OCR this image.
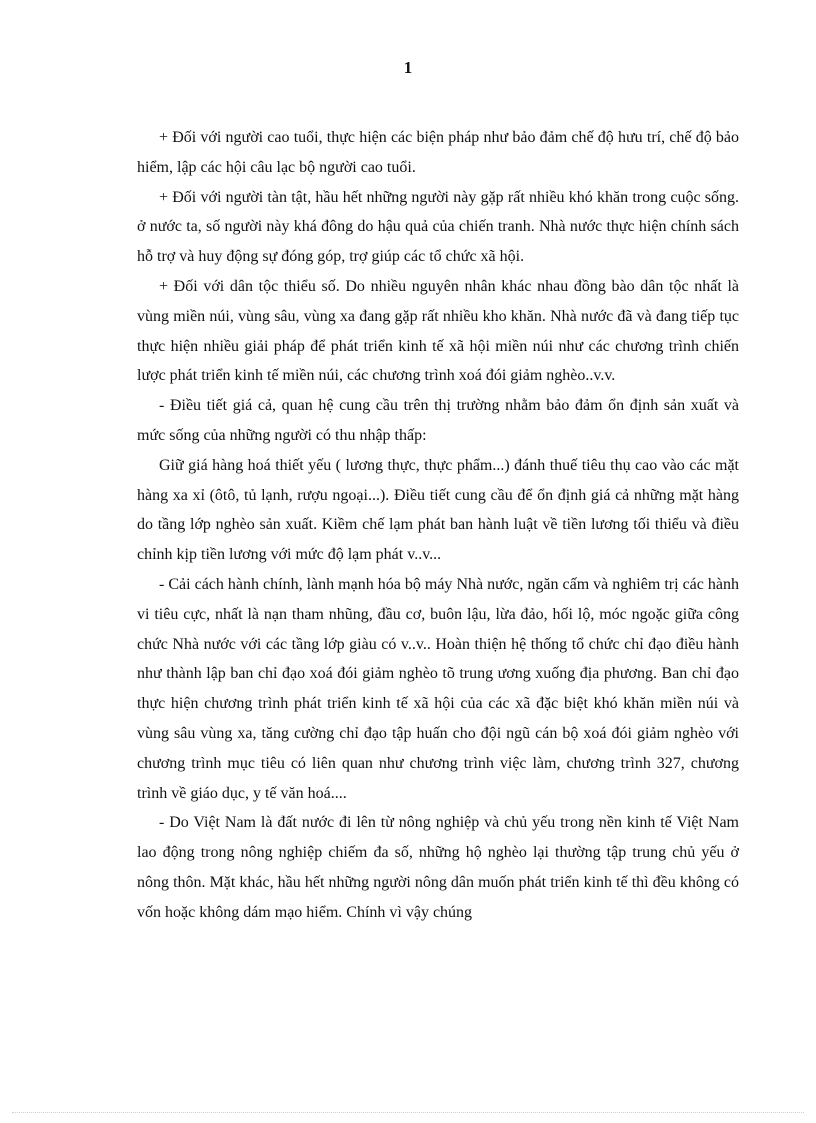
1

+ Đối với người cao tuổi, thực hiện các biện pháp như bảo đảm chế độ hưu trí, chế độ bảo hiểm, lập các hội câu lạc bộ người cao tuổi.

+ Đối với người tàn tật, hầu hết những người này gặp rất nhiều khó khăn trong cuộc sống. ở nước ta, số người này khá đông do hậu quả của chiến tranh. Nhà nước thực hiện chính sách hỗ trợ và huy động sự đóng góp, trợ giúp các tổ chức xã hội.

+ Đối với dân tộc thiểu số. Do nhiều nguyên nhân khác nhau đồng bào dân tộc nhất là vùng miền núi, vùng sâu, vùng xa đang gặp rất nhiều kho khăn. Nhà nước đã và đang tiếp tục thực hiện nhiều giải pháp để phát triển kinh tế xã hội miền núi như các chương trình chiến lược phát triển kinh tế miền núi, các chương trình xoá đói giảm nghèo..v.v.

- Điều tiết giá cả, quan hệ cung cầu trên thị trường nhằm bảo đảm ổn định sản xuất và mức sống của những người có thu nhập thấp:

Giữ giá hàng hoá thiết yếu ( lương thực, thực phẩm...) đánh thuế tiêu thụ cao vào các mặt hàng xa xỉ (ôtô, tủ lạnh, rượu ngoại...). Điều tiết cung cầu để ổn định giá cả những mặt hàng do tầng lớp nghèo sản xuất. Kiềm chế lạm phát ban hành luật về tiền lương tối thiểu và điều chỉnh kịp tiền lương với mức độ lạm phát v..v...

- Cải cách hành chính, lành mạnh hóa bộ máy Nhà nước, ngăn cấm và nghiêm trị các hành vi tiêu cực, nhất là nạn tham nhũng, đầu cơ, buôn lậu, lừa đảo, hối lộ, móc ngoặc giữa công chức Nhà nước với các tầng lớp giàu có v..v.. Hoàn thiện hệ thống tổ chức chỉ đạo điều hành như thành lập ban chỉ đạo xoá đói giảm nghèo tõ trung ương xuống địa phương. Ban chỉ đạo thực hiện chương trình phát triển kinh tế xã hội của các xã đặc biệt khó khăn miền núi và vùng sâu vùng xa, tăng cường chỉ đạo tập huấn cho đội ngũ cán bộ xoá đói giảm nghèo với chương trình mục tiêu có liên quan như chương trình việc làm, chương trình 327, chương trình về giáo dục, y tế văn hoá....

- Do Việt Nam là đất nước đi lên từ nông nghiệp và chủ yếu trong nền kinh tế Việt Nam lao động trong nông nghiệp chiếm đa số, những hộ nghèo lại thường tập trung chủ yếu ở nông thôn. Mặt khác, hầu hết những người nông dân muốn phát triển kinh tế thì đều không có vốn hoặc không dám mạo hiểm. Chính vì vậy chúng
